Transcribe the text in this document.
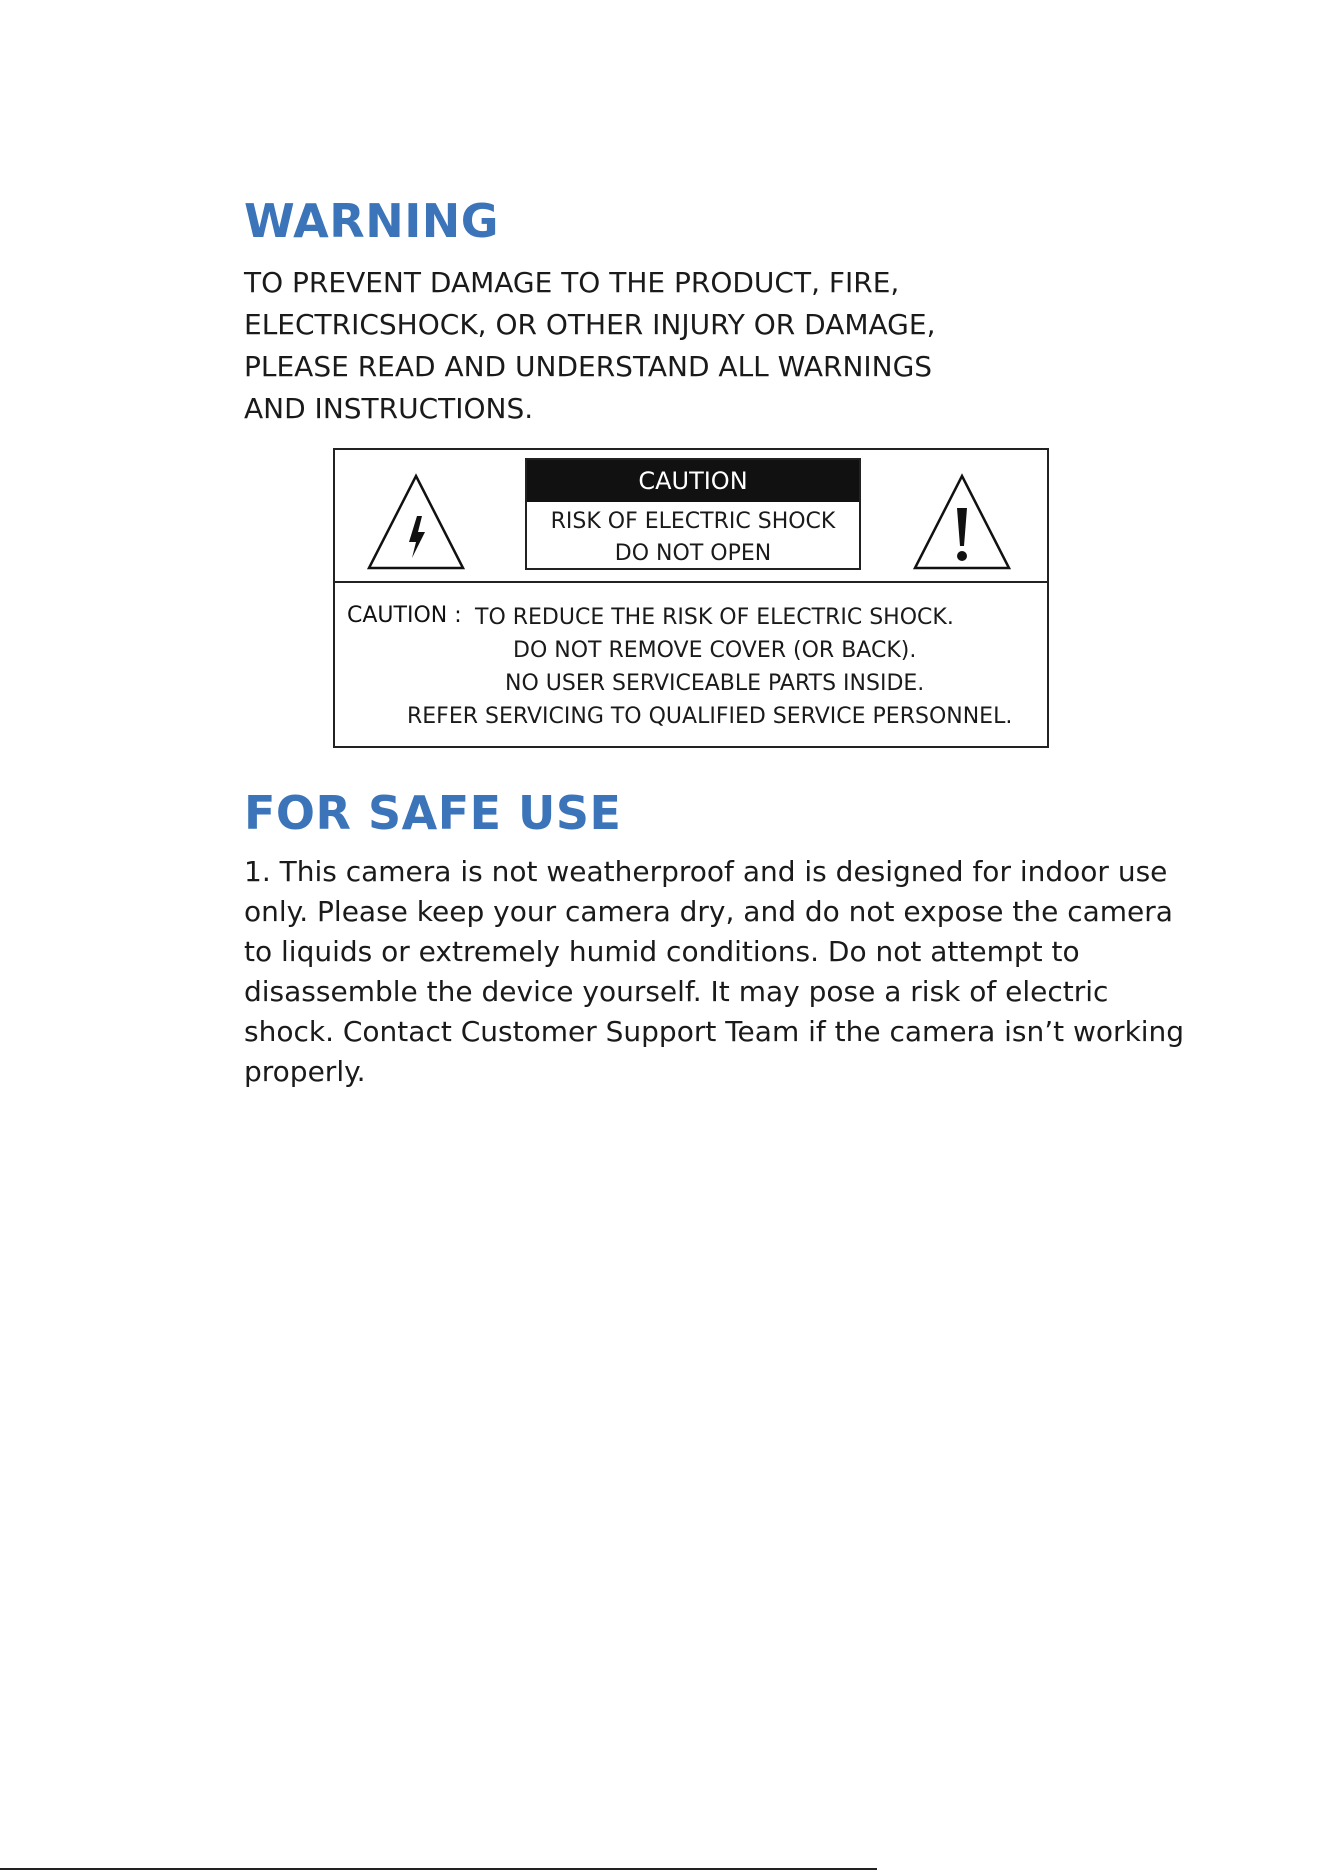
WARNING

TO PREVENT DAMAGE TO THE PRODUCT, FIRE,
ELECTRICSHOCK, OR OTHER INJURY OR DAMAGE,
PLEASE READ AND UNDERSTAND ALL WARNINGS
AND INSTRUCTIONS.

CAUTION
RISK OF ELECTRIC SHOCK
DO NOT OPEN
CAUTION : TO REDUCE THE RISK OF ELECTRIC SHOCK.
DO NOT REMOVE COVER (OR BACK).
NO USER SERVICEABLE PARTS INSIDE.
REFER SERVICING TO QUALIFIED SERVICE PERSONNEL.
FOR SAFE USE

1. This camera is not weatherproof and is designed for indoor use
only. Please keep your camera dry, and do not expose the camera
to liquids or extremely humid conditions. Do not attempt to
disassemble the device yourself. It may pose a risk of electric
shock. Contact Customer Support Team if the camera isn’t working
properly.
